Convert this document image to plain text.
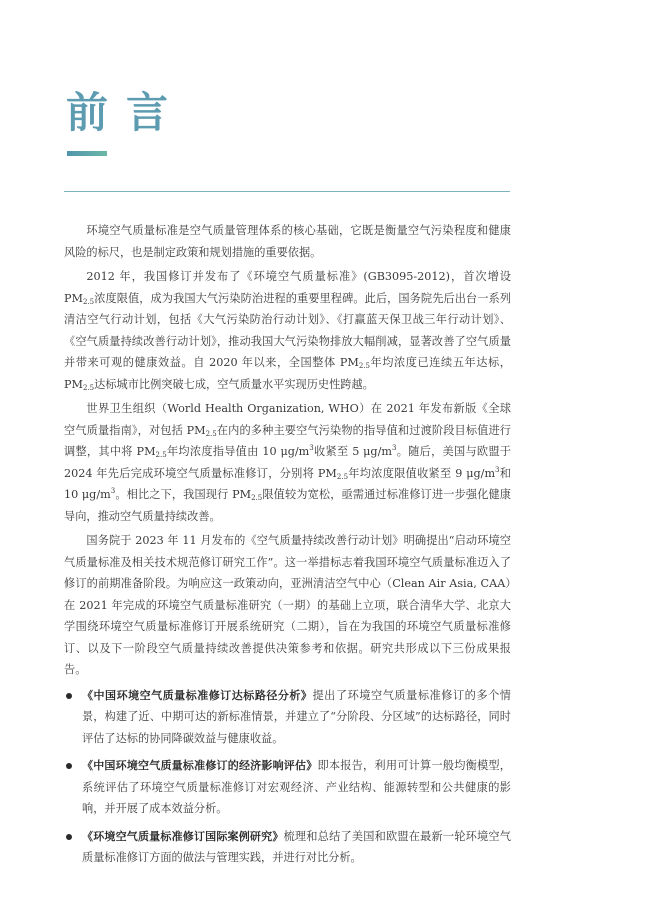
前言

环境空气质量标准是空气质量管理体系的核心基础，它既是衡量空气污染程度和健康风险的标尺，也是制定政策和规划措施的重要依据。

2012 年，我国修订并发布了《环境空气质量标准》(GB3095-2012)，首次增设 $PM_{2.5}$浓度限值，成为我国大气污染防治进程的重要里程碑。此后，国务院先后出台一系列清洁空气行动计划，包括《大气污染防治行动计划》、《打赢蓝天保卫战三年行动计划》、《空气质量持续改善行动计划》，推动我国大气污染物排放大幅削减，显著改善了空气质量并带来可观的健康效益。自 2020 年以来，全国整体 $PM_{2.5}$年均浓度已连续五年达标，$PM_{2.5}$达标城市比例突破七成，空气质量水平实现历史性跨越。

世界卫生组织（World Health Organization, WHO）在 2021 年发布新版《全球空气质量指南》，对包括 $PM_{2.5}$在内的多种主要空气污染物的指导值和过渡阶段目标值进行调整，其中将 $PM_{2.5}$年均浓度指导值由 10 $\mu g/m^3$收紧至 5 $\mu g/m^3$。随后，美国与欧盟于 2024 年先后完成环境空气质量标准修订，分别将 $PM_{2.5}$年均浓度限值收紧至 9 $\mu g/m^3$和 10 $\mu g/m^3$。相比之下，我国现行 $PM_{2.5}$限值较为宽松，亟需通过标准修订进一步强化健康导向，推动空气质量持续改善。

国务院于 2023 年 11 月发布的《空气质量持续改善行动计划》明确提出“启动环境空气质量标准及相关技术规范修订研究工作”。这一举措标志着我国环境空气质量标准迈入了修订的前期准备阶段。为响应这一政策动向，亚洲清洁空气中心（Clean Air Asia, CAA）在 2021 年完成的环境空气质量标准研究（一期）的基础上立项，联合清华大学、北京大学围绕环境空气质量标准修订开展系统研究（二期），旨在为我国的环境空气质量标准修订、以及下一阶段空气质量持续改善提供决策参考和依据。研究共形成以下三份成果报告。

《中国环境空气质量标准修订达标路径分析》提出了环境空气质量标准修订的多个情景，构建了近、中期可达的新标准情景，并建立了“分阶段、分区域”的达标路径，同时评估了达标的协同降碳效益与健康收益。
《中国环境空气质量标准修订的经济影响评估》即本报告，利用可计算一般均衡模型，系统评估了环境空气质量标准修订对宏观经济、产业结构、能源转型和公共健康的影响，并开展了成本效益分析。
《环境空气质量标准修订国际案例研究》梳理和总结了美国和欧盟在最新一轮环境空气质量标准修订方面的做法与管理实践，并进行对比分析。
